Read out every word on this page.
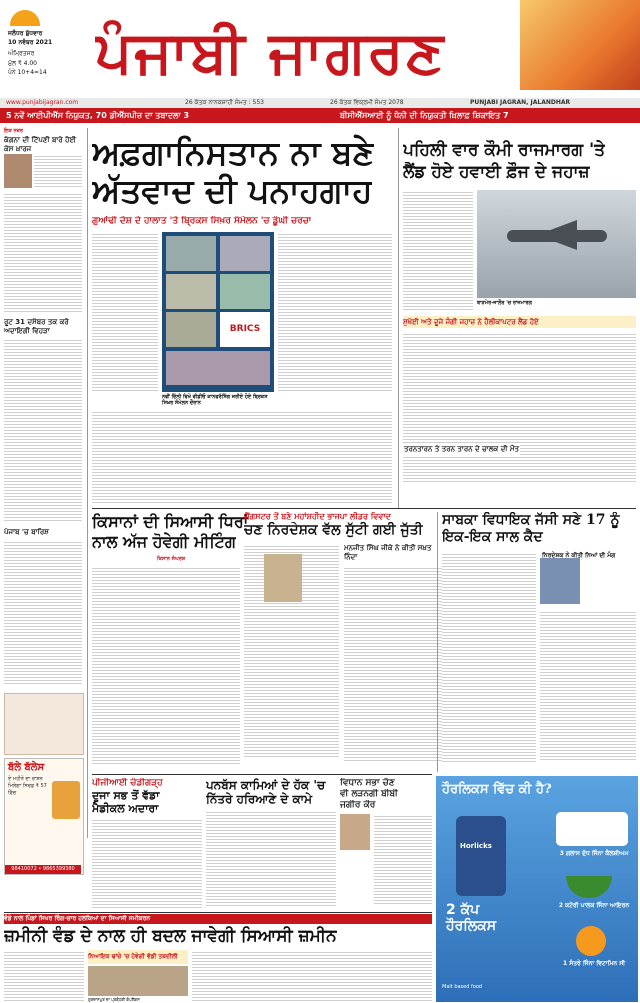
ਜਲੰਧਰ ਬੁੱਧਵਾਰ
10 ਨਵੰਬਰ 2021
ਅੰਮ੍ਰਿਤਸਰ
ਮੁੱਲ ₹ 4.00
ਪੰਨੇ 10+4=14 ਪੰਜਾਬੀ ਜਾਗਰਣ
www.punjabijagran.com	26 ਕੱਤਕ ਨਾਨਕਸ਼ਾਹੀ ਸੰਮਤ : 553	26 ਕੱਤਕ ਵਿਕ੍ਰਮੀ ਸੰਮਤ 2078	PUNJABI JAGRAN, JALANDHAR
5 ਨਵੇਂ ਆਈਪੀਐੱਸ ਨਿਯੁਕਤ, 70 ਡੀਐੱਸਪੀਜ਼ ਦਾ ਤਬਾਦਲਾ 3	ਬੀਸੀਐੱਸਆਈ ਨੂੰ ਧੋਨੀ ਦੀ ਨਿਯੁਕਤੀ ਖ਼ਿਲਾਫ਼ ਸ਼ਿਕਾਇਤ 7
ਇਕ ਨਜ਼ਰ
ਕੰਗਨਾ ਦੀ ਟਿੱਪਣੀ ਬਾਰੇ ਹੋਈ ਕੇਸ ਖ਼ਾਰਜ
ਰੂਟ 31 ਦਸੰਬਰ ਤਕ ਕਰੋ ਅਦਾਇਗੀ ਵਿਹੜਾ
ਪੰਜਾਬ 'ਚ ਬਾਰਿਸ਼
ਬੱਲੇ ਬੱਲੇਸ
ਏ ਮਹੀਨੇ ਦਾ ਰਾਸ਼ਨ ਮਿਲੇਗਾ ਸਿਰਫ਼ ₹ 57 ਵਿੱਚ
98410072 • 9865399380
ਅਫ਼ਗਾਨਿਸਤਾਨ ਨਾ ਬਣੇ
ਅੱਤਵਾਦ ਦੀ ਪਨਾਹਗਾਹ
ਗੁਆਂਢੀ ਦੇਸ਼ ਦੇ ਹਾਲਾਤ 'ਤੇ ਬ੍ਰਿਕਸ ਸਿਖ਼ਰ ਸੰਮੇਲਨ 'ਚ ਡੂੰਘੀ ਚਰਚਾ
BRICS
ਨਵੀਂ ਦਿੱਲੀ ਵਿਖੇ ਵੀਡੀਓ ਕਾਨਫਰੰਸਿੰਗ ਜ਼ਰੀਏ ਹੋਏ ਬ੍ਰਿਕਸ ਸਿਖ਼ਰ ਸੰਮੇਲਨ ਦੌਰਾਨ
ਪਹਿਲੀ ਵਾਰ ਕੌਮੀ ਰਾਜਮਾਰਗ 'ਤੇ
ਲੈਂਡ ਹੋਏ ਹਵਾਈ ਫ਼ੌਜ ਦੇ ਜਹਾਜ਼
ਬਾੜਮੇਰ-ਜਾਲੌਰ 'ਚ ਰਾਜਮਾਰਗ
ਸੁਖੋਈ ਅਤੇ ਦੂਜੇ ਜੰਗੀ ਜਹਾਜ਼ ਨੇ ਹੈਲੀਕਾਪਟਰ ਲੈਂਡ ਹੋਏ
ਤਰਨਤਾਰਨ ਤੇ ਤਰਨ ਤਾਰਨ ਦੇ ਚਾਲਕ ਦੀ ਮੌਤ
ਕਿਸਾਨਾਂ ਦੀ ਸਿਆਸੀ ਧਿਰਾਂ
ਨਾਲ ਅੱਜ ਹੋਵੇਗੀ ਮੀਟਿੰਗ
ਕਿਸਾਨ ਸੰਘਰਸ਼
ਗੈਂਗਸਟਰ ਤੋਂ ਬਣੇ ਮਹਾਂਸ਼ਹੀਦ ਭਾਜਪਾ ਲੀਡਰ ਵਿਵਾਦ
ਚਣ ਨਿਰਦੇਸ਼ਕ ਵੱਲ ਸੁੱਟੀ ਗਈ ਜੁੱਤੀ
ਮਨਜੀਤ ਸਿੰਘ ਜੀਕੇ ਨੇ ਕੀਤੀ ਸਖ਼ਤ ਨਿੰਦਾ
ਸਾਬਕਾ ਵਿਧਾਇਕ ਜੱਸੀ ਸਣੇ 17 ਨੂੰ ਇਕ-ਇਕ ਸਾਲ ਕੈਦ
ਨਿਰਦੇਸ਼ਕ ਨੇ ਕੀਤੀ ਨਿਆਂ ਦੀ ਮੰਗ
ਪੀਜੀਆਈ ਚੰਡੀਗੜ੍ਹ
ਦੂਜਾ ਸਭ ਤੋਂ ਵੱਡਾ
ਮੈਡੀਕਲ ਅਦਾਰਾ
ਪਨਬੱਸ ਕਾਮਿਆਂ ਦੇ ਹੱਕ 'ਚ
ਨਿੱਤਰੇ ਹਰਿਆਣੇ ਦੇ ਕਾਮੇ
ਵਿਧਾਨ ਸਭਾ ਚੋਣ
ਵੀ ਲੜਨਗੀ ਬੀਬੀ
ਜਗੀਰ ਕੌਰ
ਹੌਰਲਿਕਸ ਵਿੱਚ ਕੀ ਹੈ?
3 ਗਲਾਸ ਦੁੱਧ ਜਿੰਨਾ ਕੈਲਸ਼ੀਅਮ
Horlicks
2 ਕਟੋਰੀ ਪਾਲਕ ਜਿੰਨਾ ਆਇਰਨ
1 ਸੰਤਰੇ ਜਿੰਨਾ ਵਿਟਾਮਿਨ ਸੀ
2 ਕੱਪ ਹੌਰਲਿਕਸ
Malt based food
ਵੰਡੇ ਨਾਲ ਪਿੰਡਾਂ ਸਿਖਰ ਰਿੰਗ-ਚਾਰ ਹਲਕਿਆਂ ਦਾ ਸਿਆਸੀ ਸਮੀਕਰਨ
ਜ਼ਮੀਨੀ ਵੰਡ ਦੇ ਨਾਲ ਹੀ ਬਦਲ ਜਾਵੇਗੀ ਸਿਆਸੀ ਜ਼ਮੀਨ
ਨਿਆਇਕ ਢਾਂਚੇ 'ਚ ਹੋਵੇਗੀ ਵੱਡੀ ਤਬਦੀਲੀ
ਗੁਰਦਾਸਪੁਰ ਦਾ ਪ੍ਰਬੰਧਕੀ ਕੰਪਲੈਕਸ
